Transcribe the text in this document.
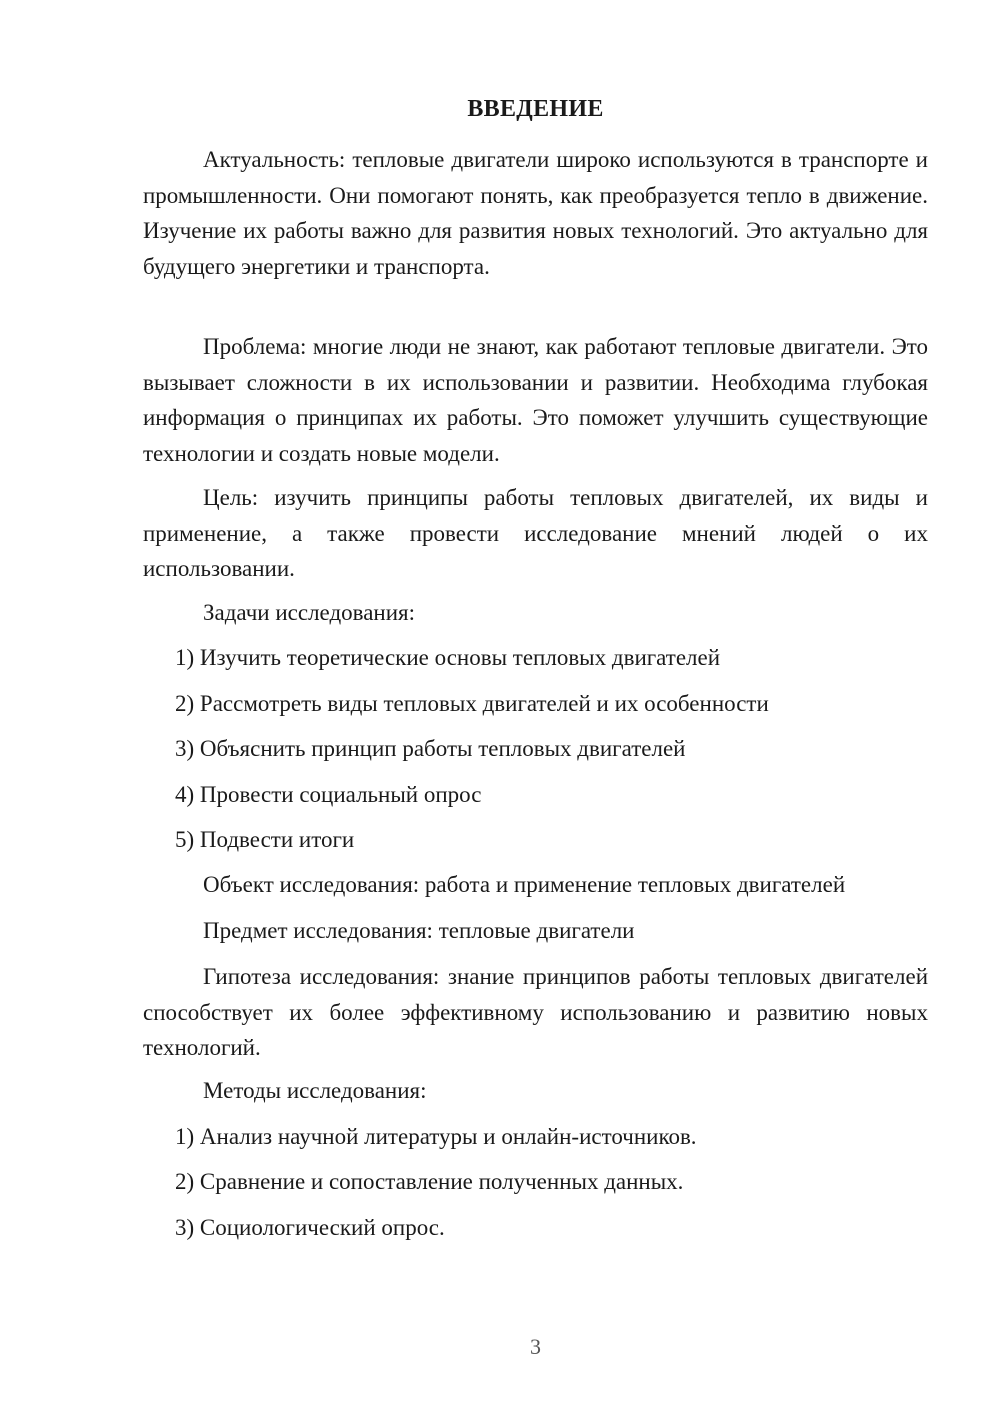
ВВЕДЕНИЕ

Актуальность: тепловые двигатели широко используются в транспорте и промышленности. Они помогают понять, как преобразуется тепло в движение. Изучение их работы важно для развития новых технологий. Это актуально для будущего энергетики и транспорта.

Проблема: многие люди не знают, как работают тепловые двигатели. Это вызывает сложности в их использовании и развитии. Необходима глубокая информация о принципах их работы. Это поможет улучшить существующие технологии и создать новые модели.

Цель: изучить принципы работы тепловых двигателей, их виды и применение, а также провести исследование мнений людей о их использовании.

Задачи исследования:

1) Изучить теоретические основы тепловых двигателей

2) Рассмотреть виды тепловых двигателей и их особенности

3) Объяснить принцип работы тепловых двигателей

4) Провести социальный опрос

5) Подвести итоги

Объект исследования: работа и применение тепловых двигателей

Предмет исследования: тепловые двигатели

Гипотеза исследования: знание принципов работы тепловых двигателей способствует их более эффективному использованию и развитию новых технологий.

Методы исследования:

1) Анализ научной литературы и онлайн-источников.

2) Сравнение и сопоставление полученных данных.

3) Социологический опрос.

3
